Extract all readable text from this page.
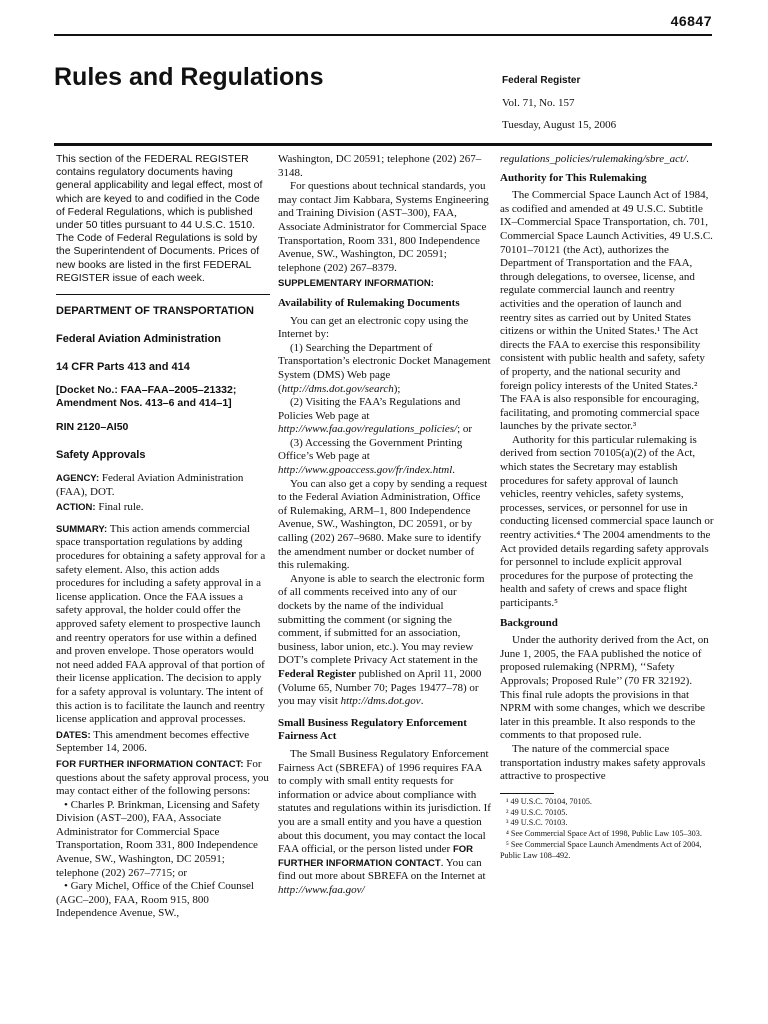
46847
Rules and Regulations	Federal Register
Vol. 71, No. 157
Tuesday, August 15, 2006

This section of the FEDERAL REGISTER contains regulatory documents having general applicability and legal effect, most of which are keyed to and codified in the Code of Federal Regulations, which is published under 50 titles pursuant to 44 U.S.C. 1510.

The Code of Federal Regulations is sold by the Superintendent of Documents. Prices of new books are listed in the first FEDERAL REGISTER issue of each week.

DEPARTMENT OF TRANSPORTATION

Federal Aviation Administration

14 CFR Parts 413 and 414

[Docket No.: FAA–FAA–2005–21332; Amendment Nos. 413–6 and 414–1]

RIN 2120–AI50

Safety Approvals

AGENCY: Federal Aviation Administration (FAA), DOT.

ACTION: Final rule.

SUMMARY: This action amends commercial space transportation regulations by adding procedures for obtaining a safety approval for a safety element. Also, this action adds procedures for including a safety approval in a license application. Once the FAA issues a safety approval, the holder could offer the approved safety element to prospective launch and reentry operators for use within a defined and proven envelope. Those operators would not need added FAA approval of that portion of their license application. The decision to apply for a safety approval is voluntary. The intent of this action is to facilitate the launch and reentry license application and approval processes.

DATES: This amendment becomes effective September 14, 2006.

FOR FURTHER INFORMATION CONTACT: For questions about the safety approval process, you may contact either of the following persons:

• Charles P. Brinkman, Licensing and Safety Division (AST–200), FAA, Associate Administrator for Commercial Space Transportation, Room 331, 800 Independence Avenue, SW., Washington, DC 20591; telephone (202) 267–7715; or

• Gary Michel, Office of the Chief Counsel (AGC–200), FAA, Room 915, 800 Independence Avenue, SW.,

Washington, DC 20591; telephone (202) 267–3148.

For questions about technical standards, you may contact Jim Kabbara, Systems Engineering and Training Division (AST–300), FAA, Associate Administrator for Commercial Space Transportation, Room 331, 800 Independence Avenue, SW., Washington, DC 20591; telephone (202) 267–8379.

SUPPLEMENTARY INFORMATION:

Availability of Rulemaking Documents

You can get an electronic copy using the Internet by:

(1) Searching the Department of Transportation’s electronic Docket Management System (DMS) Web page (http://dms.dot.gov/search);

(2) Visiting the FAA’s Regulations and Policies Web page at http://www.faa.gov/regulations_policies/; or

(3) Accessing the Government Printing Office’s Web page at http://www.gpoaccess.gov/fr/index.html.

You can also get a copy by sending a request to the Federal Aviation Administration, Office of Rulemaking, ARM–1, 800 Independence Avenue, SW., Washington, DC 20591, or by calling (202) 267–9680. Make sure to identify the amendment number or docket number of this rulemaking.

Anyone is able to search the electronic form of all comments received into any of our dockets by the name of the individual submitting the comment (or signing the comment, if submitted for an association, business, labor union, etc.). You may review DOT’s complete Privacy Act statement in the Federal Register published on April 11, 2000 (Volume 65, Number 70; Pages 19477–78) or you may visit http://dms.dot.gov.

Small Business Regulatory Enforcement Fairness Act

The Small Business Regulatory Enforcement Fairness Act (SBREFA) of 1996 requires FAA to comply with small entity requests for information or advice about compliance with statutes and regulations within its jurisdiction. If you are a small entity and you have a question about this document, you may contact the local FAA official, or the person listed under FOR FURTHER INFORMATION CONTACT. You can find out more about SBREFA on the Internet at http://www.faa.gov/

regulations_policies/rulemaking/sbre_act/.

Authority for This Rulemaking

The Commercial Space Launch Act of 1984, as codified and amended at 49 U.S.C. Subtitle IX–Commercial Space Transportation, ch. 701, Commercial Space Launch Activities, 49 U.S.C. 70101–70121 (the Act), authorizes the Department of Transportation and the FAA, through delegations, to oversee, license, and regulate commercial launch and reentry activities and the operation of launch and reentry sites as carried out by United States citizens or within the United States.¹ The Act directs the FAA to exercise this responsibility consistent with public health and safety, safety of property, and the national security and foreign policy interests of the United States.² The FAA is also responsible for encouraging, facilitating, and promoting commercial space launches by the private sector.³

Authority for this particular rulemaking is derived from section 70105(a)(2) of the Act, which states the Secretary may establish procedures for safety approval of launch vehicles, reentry vehicles, safety systems, processes, services, or personnel for use in conducting licensed commercial space launch or reentry activities.⁴ The 2004 amendments to the Act provided details regarding safety approvals for personnel to include explicit approval procedures for the purpose of protecting the health and safety of crews and space flight participants.⁵

Background

Under the authority derived from the Act, on June 1, 2005, the FAA published the notice of proposed rulemaking (NPRM), ‘‘Safety Approvals; Proposed Rule’’ (70 FR 32192). This final rule adopts the provisions in that NPRM with some changes, which we describe later in this preamble. It also responds to the comments to that proposed rule.

The nature of the commercial space transportation industry makes safety approvals attractive to prospective

¹ 49 U.S.C. 70104, 70105.

² 49 U.S.C. 70105.

³ 49 U.S.C. 70103.

⁴ See Commercial Space Act of 1998, Public Law 105–303.

⁵ See Commercial Space Launch Amendments Act of 2004, Public Law 108–492.
